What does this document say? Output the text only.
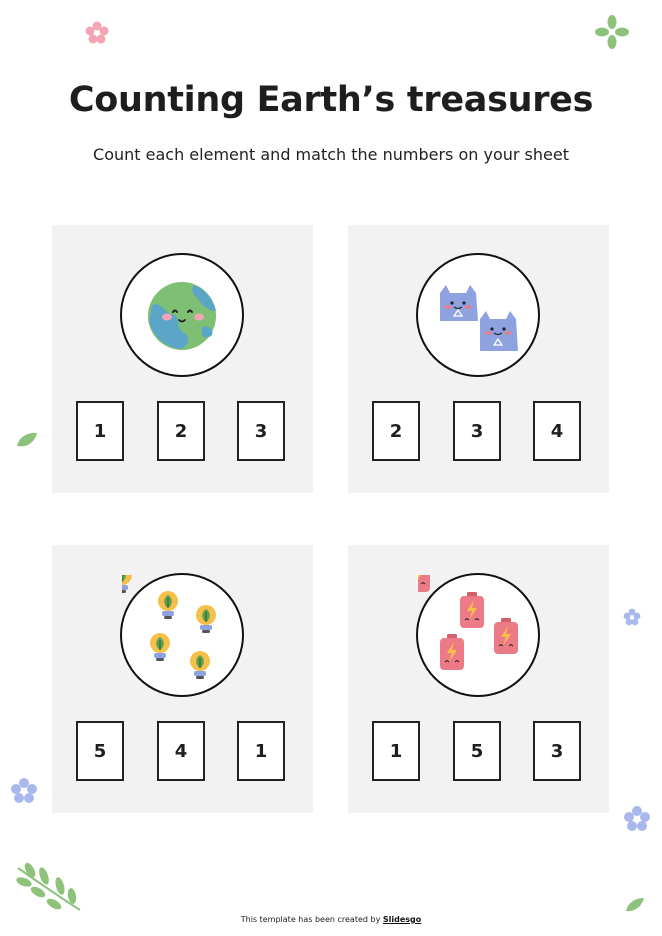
Counting Earth’s treasures

Count each element and match the numbers on your sheet

1	2	3	2	3	4
5	4	1	1	5	3
This template has been created by Slidesgo
